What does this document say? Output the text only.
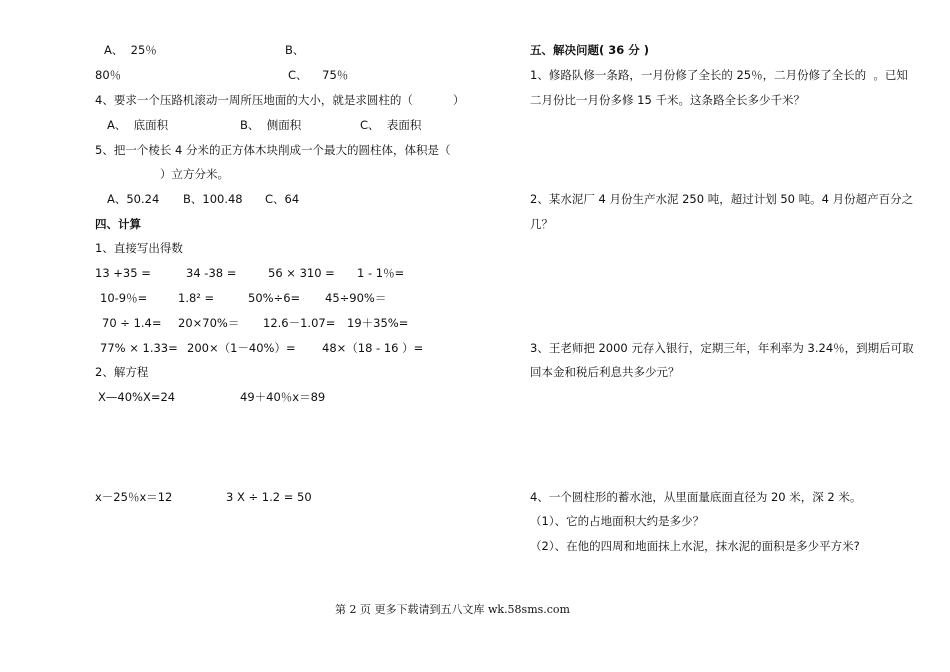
A、  25％	B、
80％	C、    75％
4、要求一个压路机滚动一周所压地面的大小，就是求圆柱的（           ）
A、  底面积	B、  侧面积	C、  表面积
5、把一个棱长 4 分米的正方体木块削成一个最大的圆柱体，体积是（
）立方分米。
A、50.24 B、100.48 C、64
四、计算
1、直接写出得数
13 +35 =	34 -38 =	56 × 310 = 1 - 1％=
10-9％=	1.8² =	50%÷6= 45÷90%＝
70 ÷ 1.4= 20×70%＝ 12.6－1.07= 19＋35%=
77% × 1.33= 200×（1－40%）= 48×（18 - 16 ）=
2、解方程
X—40%X=24	49＋40％x＝89
x－25％x＝12	3 X ÷ 1.2 = 50
五、解决问题( 36 分 )
1、修路队修一条路，一月份修了全长的 25％，二月份修了全长的  。已知
二月份比一月份多修 15 千米。这条路全长多少千米？
2、某水泥厂 4 月份生产水泥 250 吨，超过计划 50 吨。4 月份超产百分之
几？
3、王老师把 2000 元存入银行，定期三年，年利率为 3.24％，到期后可取
回本金和税后利息共多少元？
4、一个圆柱形的蓄水池，从里面量底面直径为 20 米，深 2 米。
（1）、它的占地面积大约是多少？
（2）、在他的四周和地面抹上水泥，抹水泥的面积是多少平方米?
第 2 页 更多下载请到五八文库 wk.58sms.com
